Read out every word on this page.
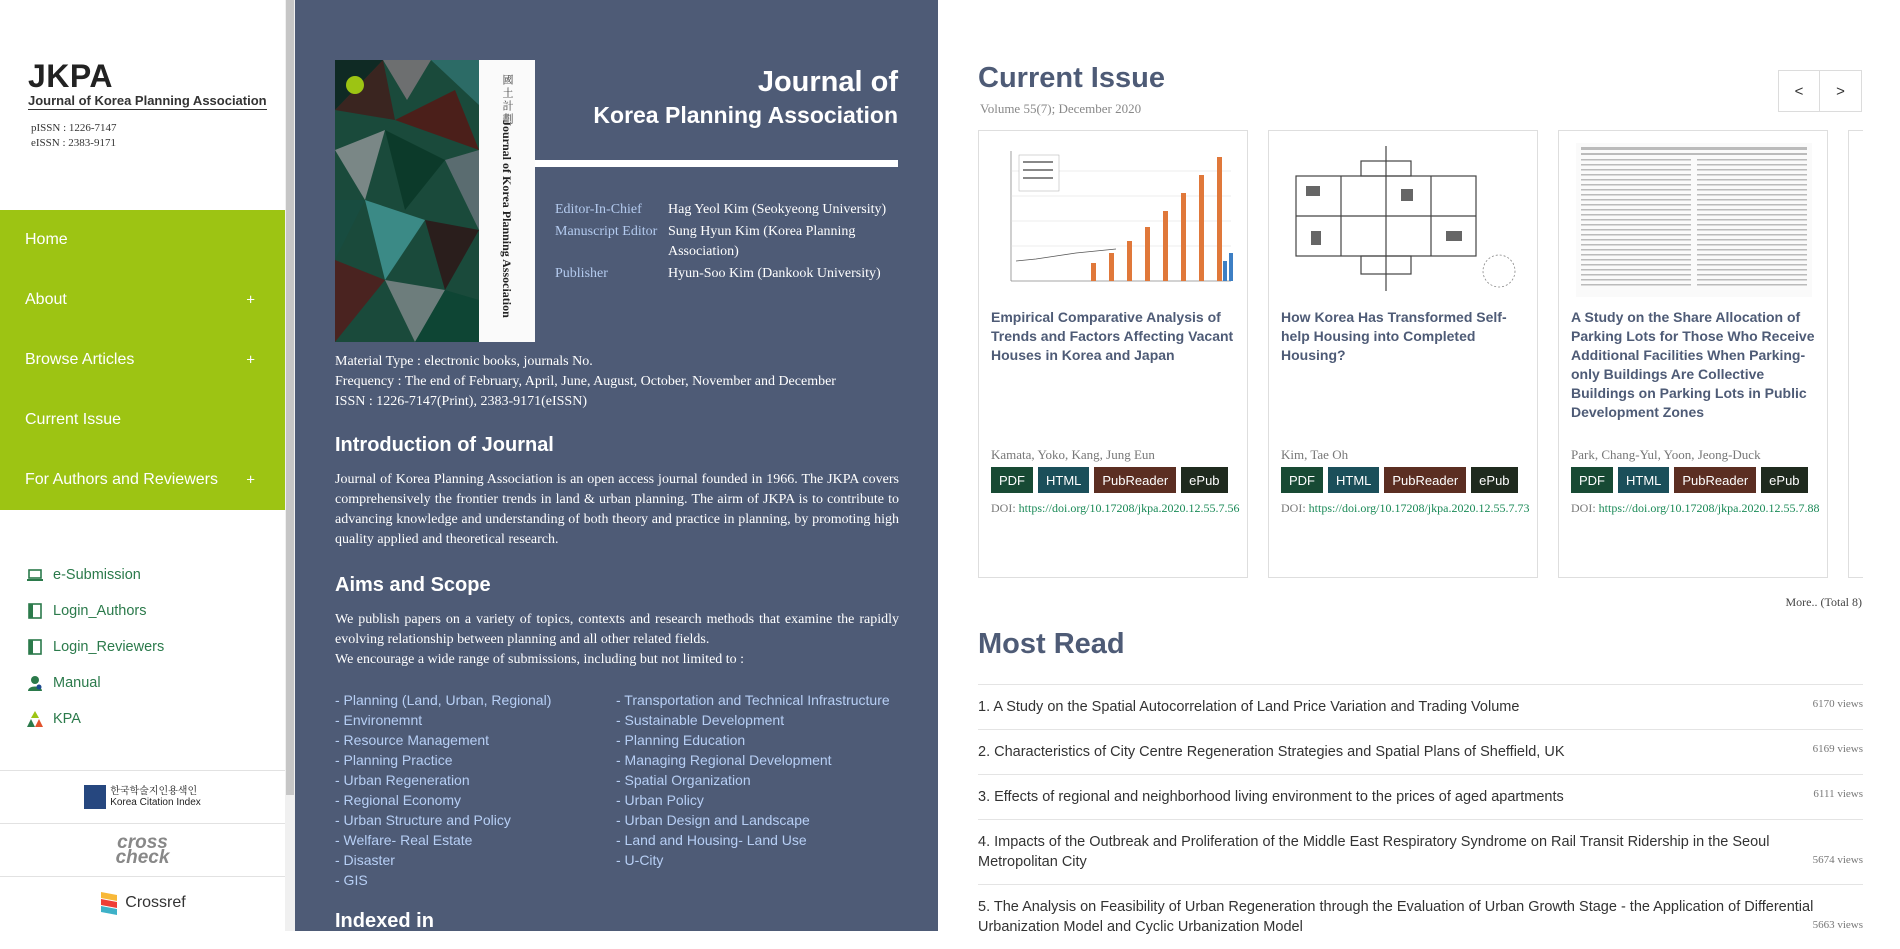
JKPA
Journal of Korea Planning Association
pISSN : 1226-7147
eISSN : 2383-9171
Home
About	+
Browse Articles	+
Current Issue
For Authors and Reviewers +
e-Submission
Login_Authors
Login_Reviewers
Manual
KPA
한국학술지인용색인
Korea Citation Index
cross
check
Crossref
國土計劃
Journal of Korea Planning Association
Journal of
Korea Planning Association
Editor-In-Chief	Hag Yeol Kim (Seokyeong University)
Manuscript Editor Sung Hyun Kim (Korea Planning Association)
Publisher	Hyun-Soo Kim (Dankook University)
Material Type : electronic books, journals No.
Frequency : The end of February, April, June, August, October, November and December
ISSN : 1226-7147(Print), 2383-9171(eISSN)
Introduction of Journal
Journal of Korea Planning Association is an open access journal founded in 1966. The JKPA covers comprehensively the frontier trends in land & urban planning. The airm of JKPA is to contribute to advancing knowledge and understanding of both theory and practice in planning, by promoting high quality applied and theoretical research.
Aims and Scope
We publish papers on a variety of topics, contexts and research methods that examine the rapidly evolving relationship between planning and all other related fields.
We encourage a wide range of submissions, including but not limited to :
- Planning (Land, Urban, Regional)
- Environemnt
- Resource Management
- Planning Practice
- Urban Regeneration
- Regional Economy
- Urban Structure and Policy
- Welfare- Real Estate
- Disaster
- GIS
- Transportation and Technical Infrastructure
- Sustainable Development
- Planning Education
- Managing Regional Development
- Spatial Organization
- Urban Policy
- Urban Design and Landscape
- Land and Housing- Land Use
- U-City
Indexed in
Current Issue
Volume 55(7); December 2020
<	>
Empirical Comparative Analysis of Trends and Factors Affecting Vacant Houses in Korea and Japan
Kamata, Yoko, Kang, Jung Eun
PDF	HTML	PubReader	ePub
DOI: https://doi.org/10.17208/jkpa.2020.12.55.7.56
How Korea Has Transformed Self-help Housing into Completed Housing?
Kim, Tae Oh
PDF	HTML	PubReader	ePub
DOI: https://doi.org/10.17208/jkpa.2020.12.55.7.73
A Study on the Share Allocation of Parking Lots for Those Who Receive Additional Facilities When Parking-only Buildings Are Collective Buildings on Parking Lots in Public Development Zones
Park, Chang-Yul, Yoon, Jeong-Duck
PDF	HTML	PubReader	ePub
DOI: https://doi.org/10.17208/jkpa.2020.12.55.7.88
More.. (Total 8)
Most Read
1. A Study on the Spatial Autocorrelation of Land Price Variation and Trading Volume	6170 views
2. Characteristics of City Centre Regeneration Strategies and Spatial Plans of Sheffield, UK	6169 views
3. Effects of regional and neighborhood living environment to the prices of aged apartments	6111 views
4. Impacts of the Outbreak and Proliferation of the Middle East Respiratory Syndrome on Rail Transit Ridership in the Seoul Metropolitan City	5674 views
5. The Analysis on Feasibility of Urban Regeneration through the Evaluation of Urban Growth Stage - the Application of Differential Urbanization Model and Cyclic Urbanization Model	5663 views
